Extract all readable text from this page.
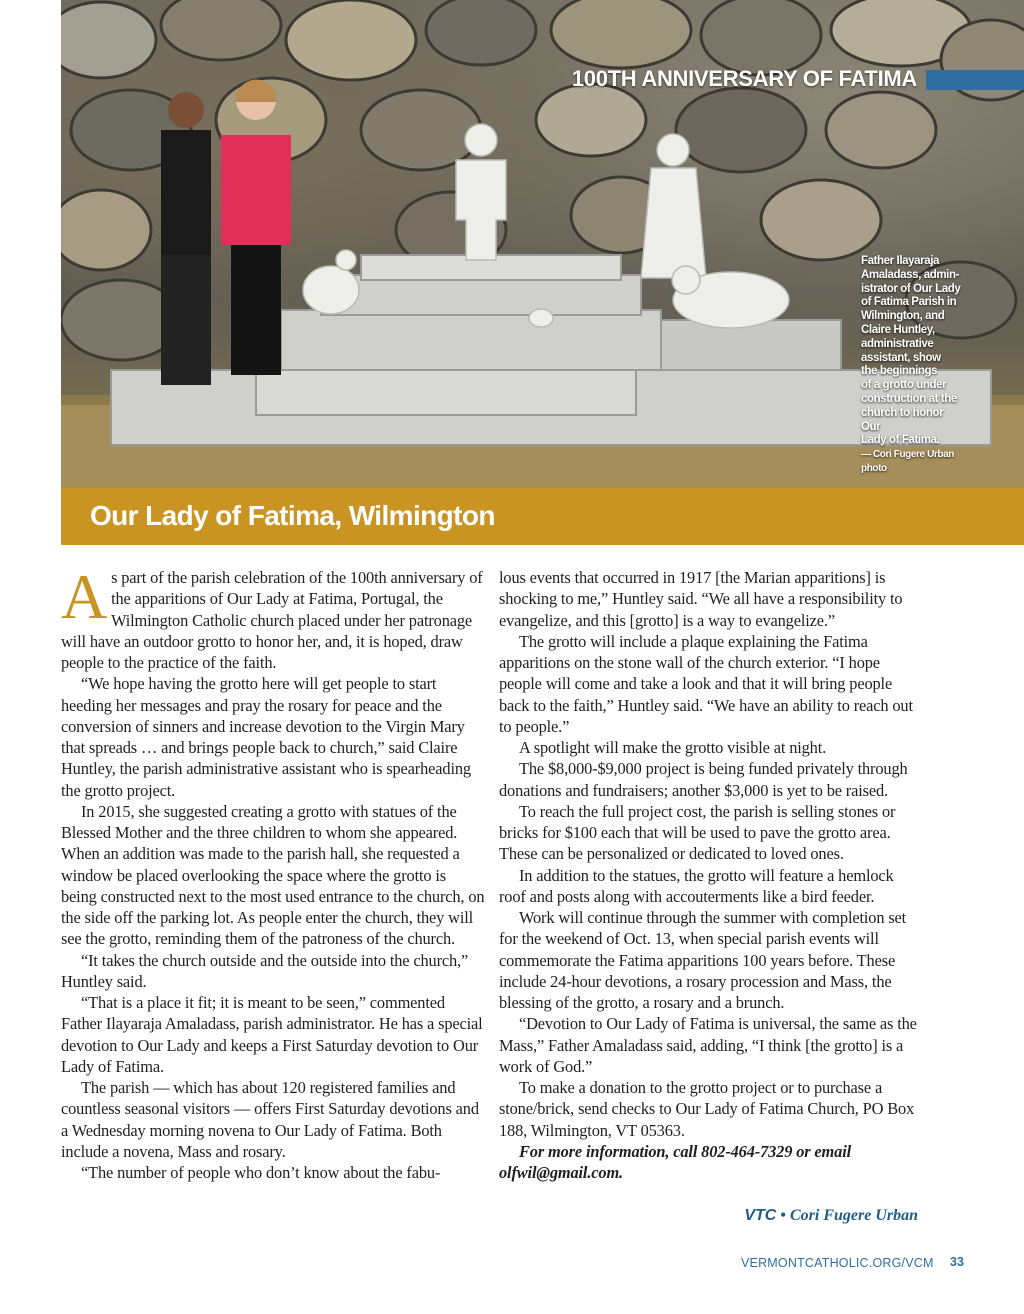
100TH ANNIVERSARY OF FATIMA
Father Ilayaraja
Amaladass, admin-
istrator of Our Lady
of Fatima Parish in
Wilmington, and
Claire Huntley,
administrative
assistant, show
the beginnings
of a grotto under
construction at the
church to honor Our
Lady of Fatima.
— Cori Fugere Urban
photo
Our Lady of Fatima, Wilmington

As part of the parish celebration of the 100th anniversary of the apparitions of Our Lady at Fatima, Portugal, the Wilmington Catholic church placed under her patronage will have an outdoor grotto to honor her, and, it is hoped, draw people to the practice of the faith.

“We hope having the grotto here will get people to start heeding her messages and pray the rosary for peace and the conversion of sinners and increase devotion to the Virgin Mary that spreads … and brings people back to church,” said Claire Huntley, the parish administrative assistant who is spearheading the grotto project.

In 2015, she suggested creating a grotto with statues of the Blessed Mother and the three children to whom she appeared. When an addition was made to the parish hall, she requested a window be placed overlooking the space where the grotto is being constructed next to the most used entrance to the church, on the side off the parking lot. As people enter the church, they will see the grotto, reminding them of the patroness of the church.

“It takes the church outside and the outside into the church,” Huntley said.

“That is a place it fit; it is meant to be seen,” commented Father Ilayaraja Amaladass, parish administrator. He has a special devotion to Our Lady and keeps a First Saturday devotion to Our Lady of Fatima.

The parish — which has about 120 registered families and countless seasonal visitors — offers First Saturday devotions and a Wednesday morning novena to Our Lady of Fatima. Both include a novena, Mass and rosary.

“The number of people who don’t know about the fabu-

lous events that occurred in 1917 [the Marian apparitions] is shocking to me,” Huntley said. “We all have a responsibility to evangelize, and this [grotto] is a way to evangelize.”

The grotto will include a plaque explaining the Fatima apparitions on the stone wall of the church exterior. “I hope people will come and take a look and that it will bring people back to the faith,” Huntley said. “We have an ability to reach out to people.”

A spotlight will make the grotto visible at night.

The $8,000-$9,000 project is being funded privately through donations and fundraisers; another $3,000 is yet to be raised.

To reach the full project cost, the parish is selling stones or bricks for $100 each that will be used to pave the grotto area. These can be personalized or dedicated to loved ones.

In addition to the statues, the grotto will feature a hemlock roof and posts along with accouterments like a bird feeder.

Work will continue through the summer with completion set for the weekend of Oct. 13, when special parish events will commemorate the Fatima apparitions 100 years before. These include 24-hour devotions, a rosary procession and Mass, the blessing of the grotto, a rosary and a brunch.

“Devotion to Our Lady of Fatima is universal, the same as the Mass,” Father Amaladass said, adding, “I think [the grotto] is a work of God.”

To make a donation to the grotto project or to purchase a stone/brick, send checks to Our Lady of Fatima Church, PO Box 188, Wilmington, VT 05363.

For more information, call 802-464-7329 or email olfwil@gmail.com.

VTC • Cori Fugere Urban
VERMONTCATHOLIC.ORG/VCM 33
